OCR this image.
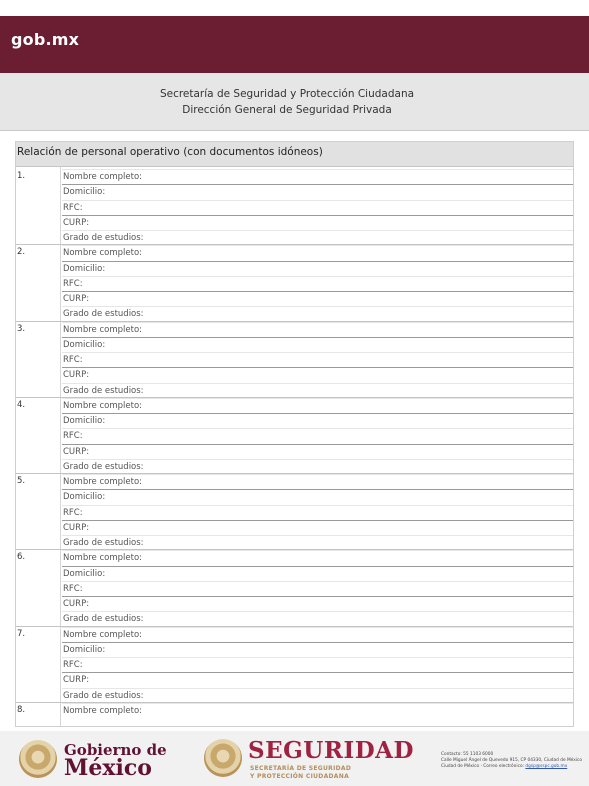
gob.mx
Secretaría de Seguridad y Protección Ciudadana
Dirección General de Seguridad Privada
Relación de personal operativo (con documentos idóneos)
1.
2.
3.
4.
5.
6.
7.
8.
Nombre completo:
Domicilio:
RFC:
CURP:
Grado de estudios:
Nombre completo:
Domicilio:
RFC:
CURP:
Grado de estudios:
Nombre completo:
Domicilio:
RFC:
CURP:
Grado de estudios:
Nombre completo:
Domicilio:
RFC:
CURP:
Grado de estudios:
Nombre completo:
Domicilio:
RFC:
CURP:
Grado de estudios:
Nombre completo:
Domicilio:
RFC:
CURP:
Grado de estudios:
Nombre completo:
Domicilio:
RFC:
CURP:
Grado de estudios:
Nombre completo:
Gobierno de
México
SEGURIDAD
SECRETARÍA DE SEGURIDAD
Y PROTECCIÓN CIUDADANA
Contacto: 55 1103 6000
Calle Miguel Ángel de Quevedo 915, CP 04330, Ciudad de México
Ciudad de México · Correo electrónico: dgsp@sspc.gob.mx
